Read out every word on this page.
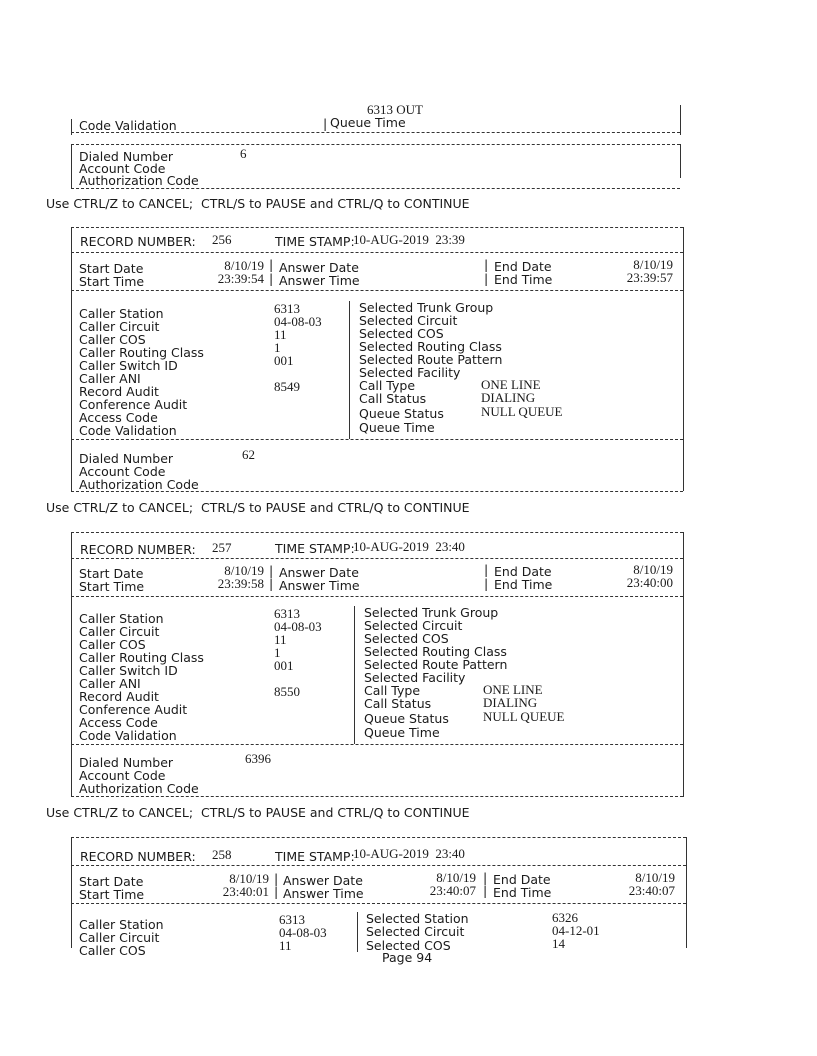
6313 OUT
Code Validation	| Queue Time
Dialed Number	6
Account Code
Authorization Code
Use CTRL/Z to CANCEL;  CTRL/S to PAUSE and CTRL/Q to CONTINUE
RECORD NUMBER: 256	TIME STAMP:
10-AUG-2019  23:39
Start Date	8/10/19 | Answer Date	| End Date	8/10/19
Start Time	23:39:54 | Answer Time	| End Time	23:39:57
Caller Station	6313
Caller Circuit	04-08-03
Caller COS	11
Caller Routing Class	1
Caller Switch ID	001
Caller ANI
Record Audit	8549
Conference Audit
Access Code
Code Validation
Selected Trunk Group
Selected Circuit
Selected COS
Selected Routing Class
Selected Route Pattern
Selected Facility
Call Type	ONE LINE
Call Status	DIALING
Queue Status	NULL QUEUE
Queue Time
Dialed Number	62
Account Code
Authorization Code
Use CTRL/Z to CANCEL;  CTRL/S to PAUSE and CTRL/Q to CONTINUE
RECORD NUMBER: 257	TIME STAMP:
10-AUG-2019  23:40
Start Date	8/10/19 | Answer Date	| End Date	8/10/19
Start Time	23:39:58 | Answer Time	| End Time	23:40:00
Caller Station	6313
Caller Circuit	04-08-03
Caller COS	11
Caller Routing Class	1
Caller Switch ID	001
Caller ANI
Record Audit	8550
Conference Audit
Access Code
Code Validation
Selected Trunk Group
Selected Circuit
Selected COS
Selected Routing Class
Selected Route Pattern
Selected Facility
Call Type	ONE LINE
Call Status	DIALING
Queue Status	NULL QUEUE
Queue Time
Dialed Number	6396
Account Code
Authorization Code
Use CTRL/Z to CANCEL;  CTRL/S to PAUSE and CTRL/Q to CONTINUE
RECORD NUMBER: 258	TIME STAMP:
10-AUG-2019  23:40
Start Date	8/10/19 | Answer Date	8/10/19 | End Date	8/10/19
Start Time	23:40:01 | Answer Time	23:40:07 | End Time	23:40:07
Caller Station	6313
Caller Circuit	04-08-03
Caller COS	11
Selected Station	6326
Selected Circuit	04-12-01
Selected COS	14
Page 94
